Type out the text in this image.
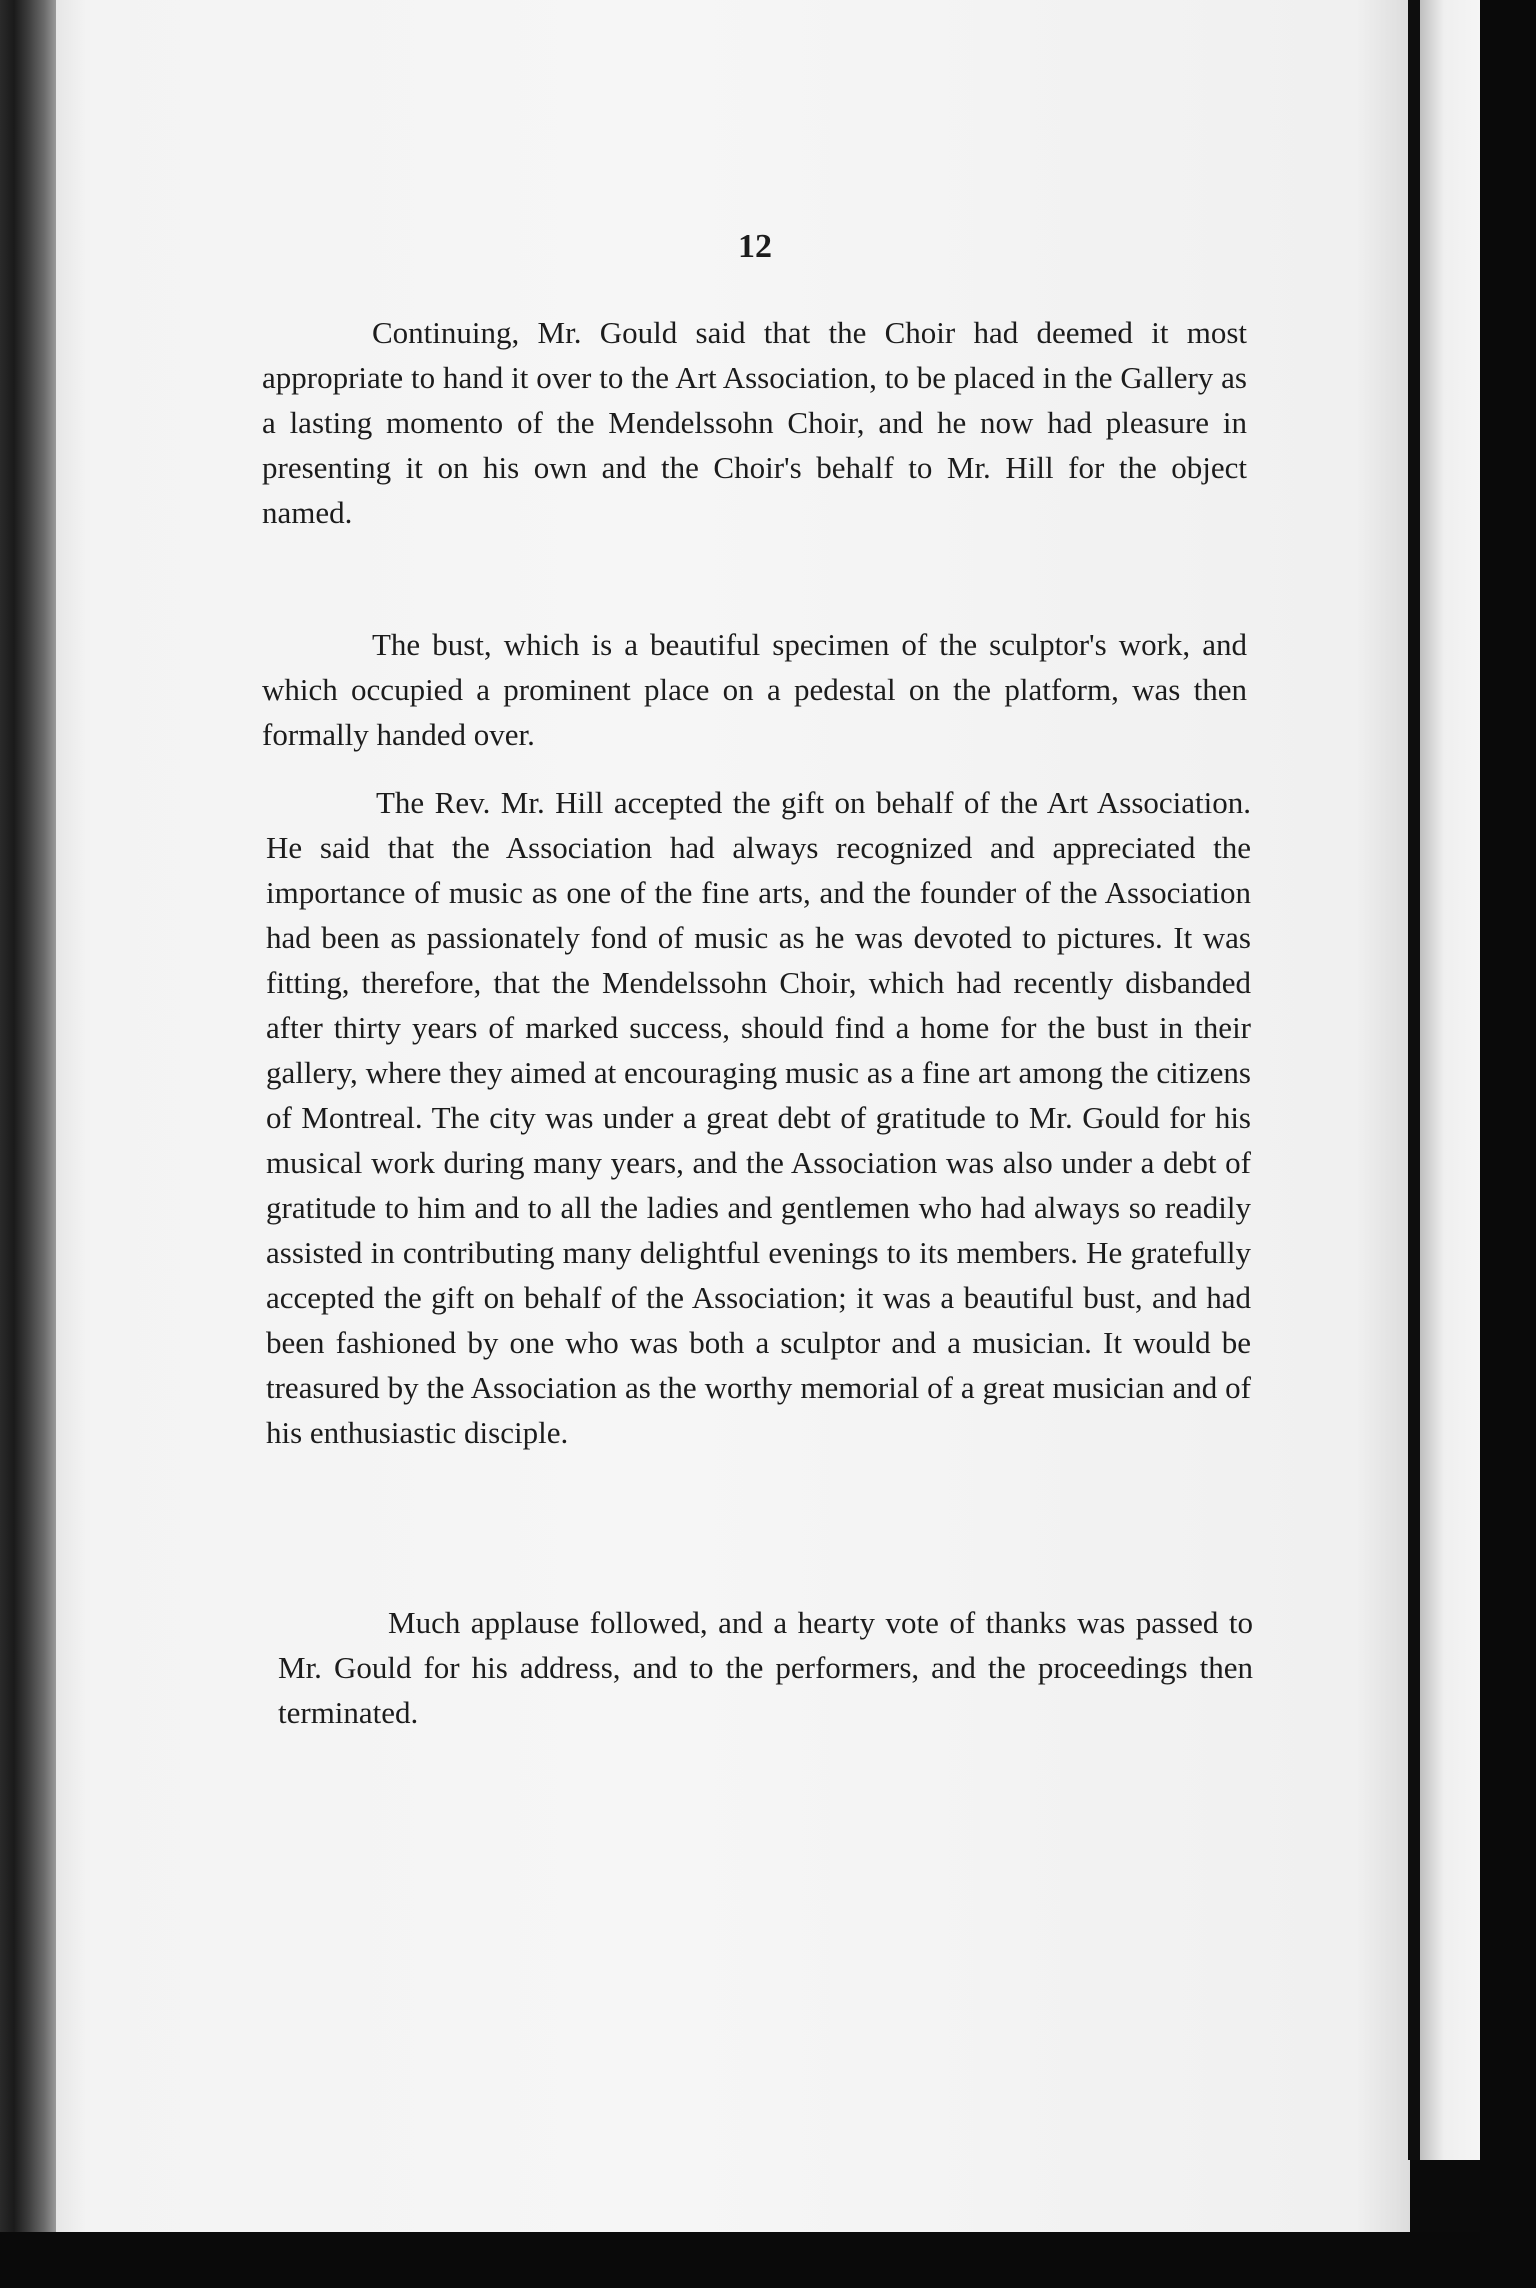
12

Continuing, Mr. Gould said that the Choir had deemed it most appropriate to hand it over to the Art Association, to be placed in the Gallery as a lasting momento of the Mendelssohn Choir, and he now had pleasure in presenting it on his own and the Choir's behalf to Mr. Hill for the object named.

The bust, which is a beautiful specimen of the sculptor's work, and which occupied a prominent place on a pedestal on the platform, was then formally handed over.

The Rev. Mr. Hill accepted the gift on behalf of the Art Association. He said that the Association had always recognized and appreciated the importance of music as one of the fine arts, and the founder of the Association had been as passionately fond of music as he was devoted to pictures. It was fitting, therefore, that the Mendelssohn Choir, which had recently disbanded after thirty years of marked success, should find a home for the bust in their gallery, where they aimed at encouraging music as a fine art among the citizens of Montreal. The city was under a great debt of gratitude to Mr. Gould for his musical work during many years, and the Association was also under a debt of gratitude to him and to all the ladies and gentlemen who had always so readily assisted in contributing many delightful evenings to its members. He gratefully accepted the gift on behalf of the Association; it was a beautiful bust, and had been fashioned by one who was both a sculptor and a musician. It would be treasured by the Association as the worthy memorial of a great musician and of his enthusiastic disciple.

Much applause followed, and a hearty vote of thanks was passed to Mr. Gould for his address, and to the performers, and the proceedings then terminated.
